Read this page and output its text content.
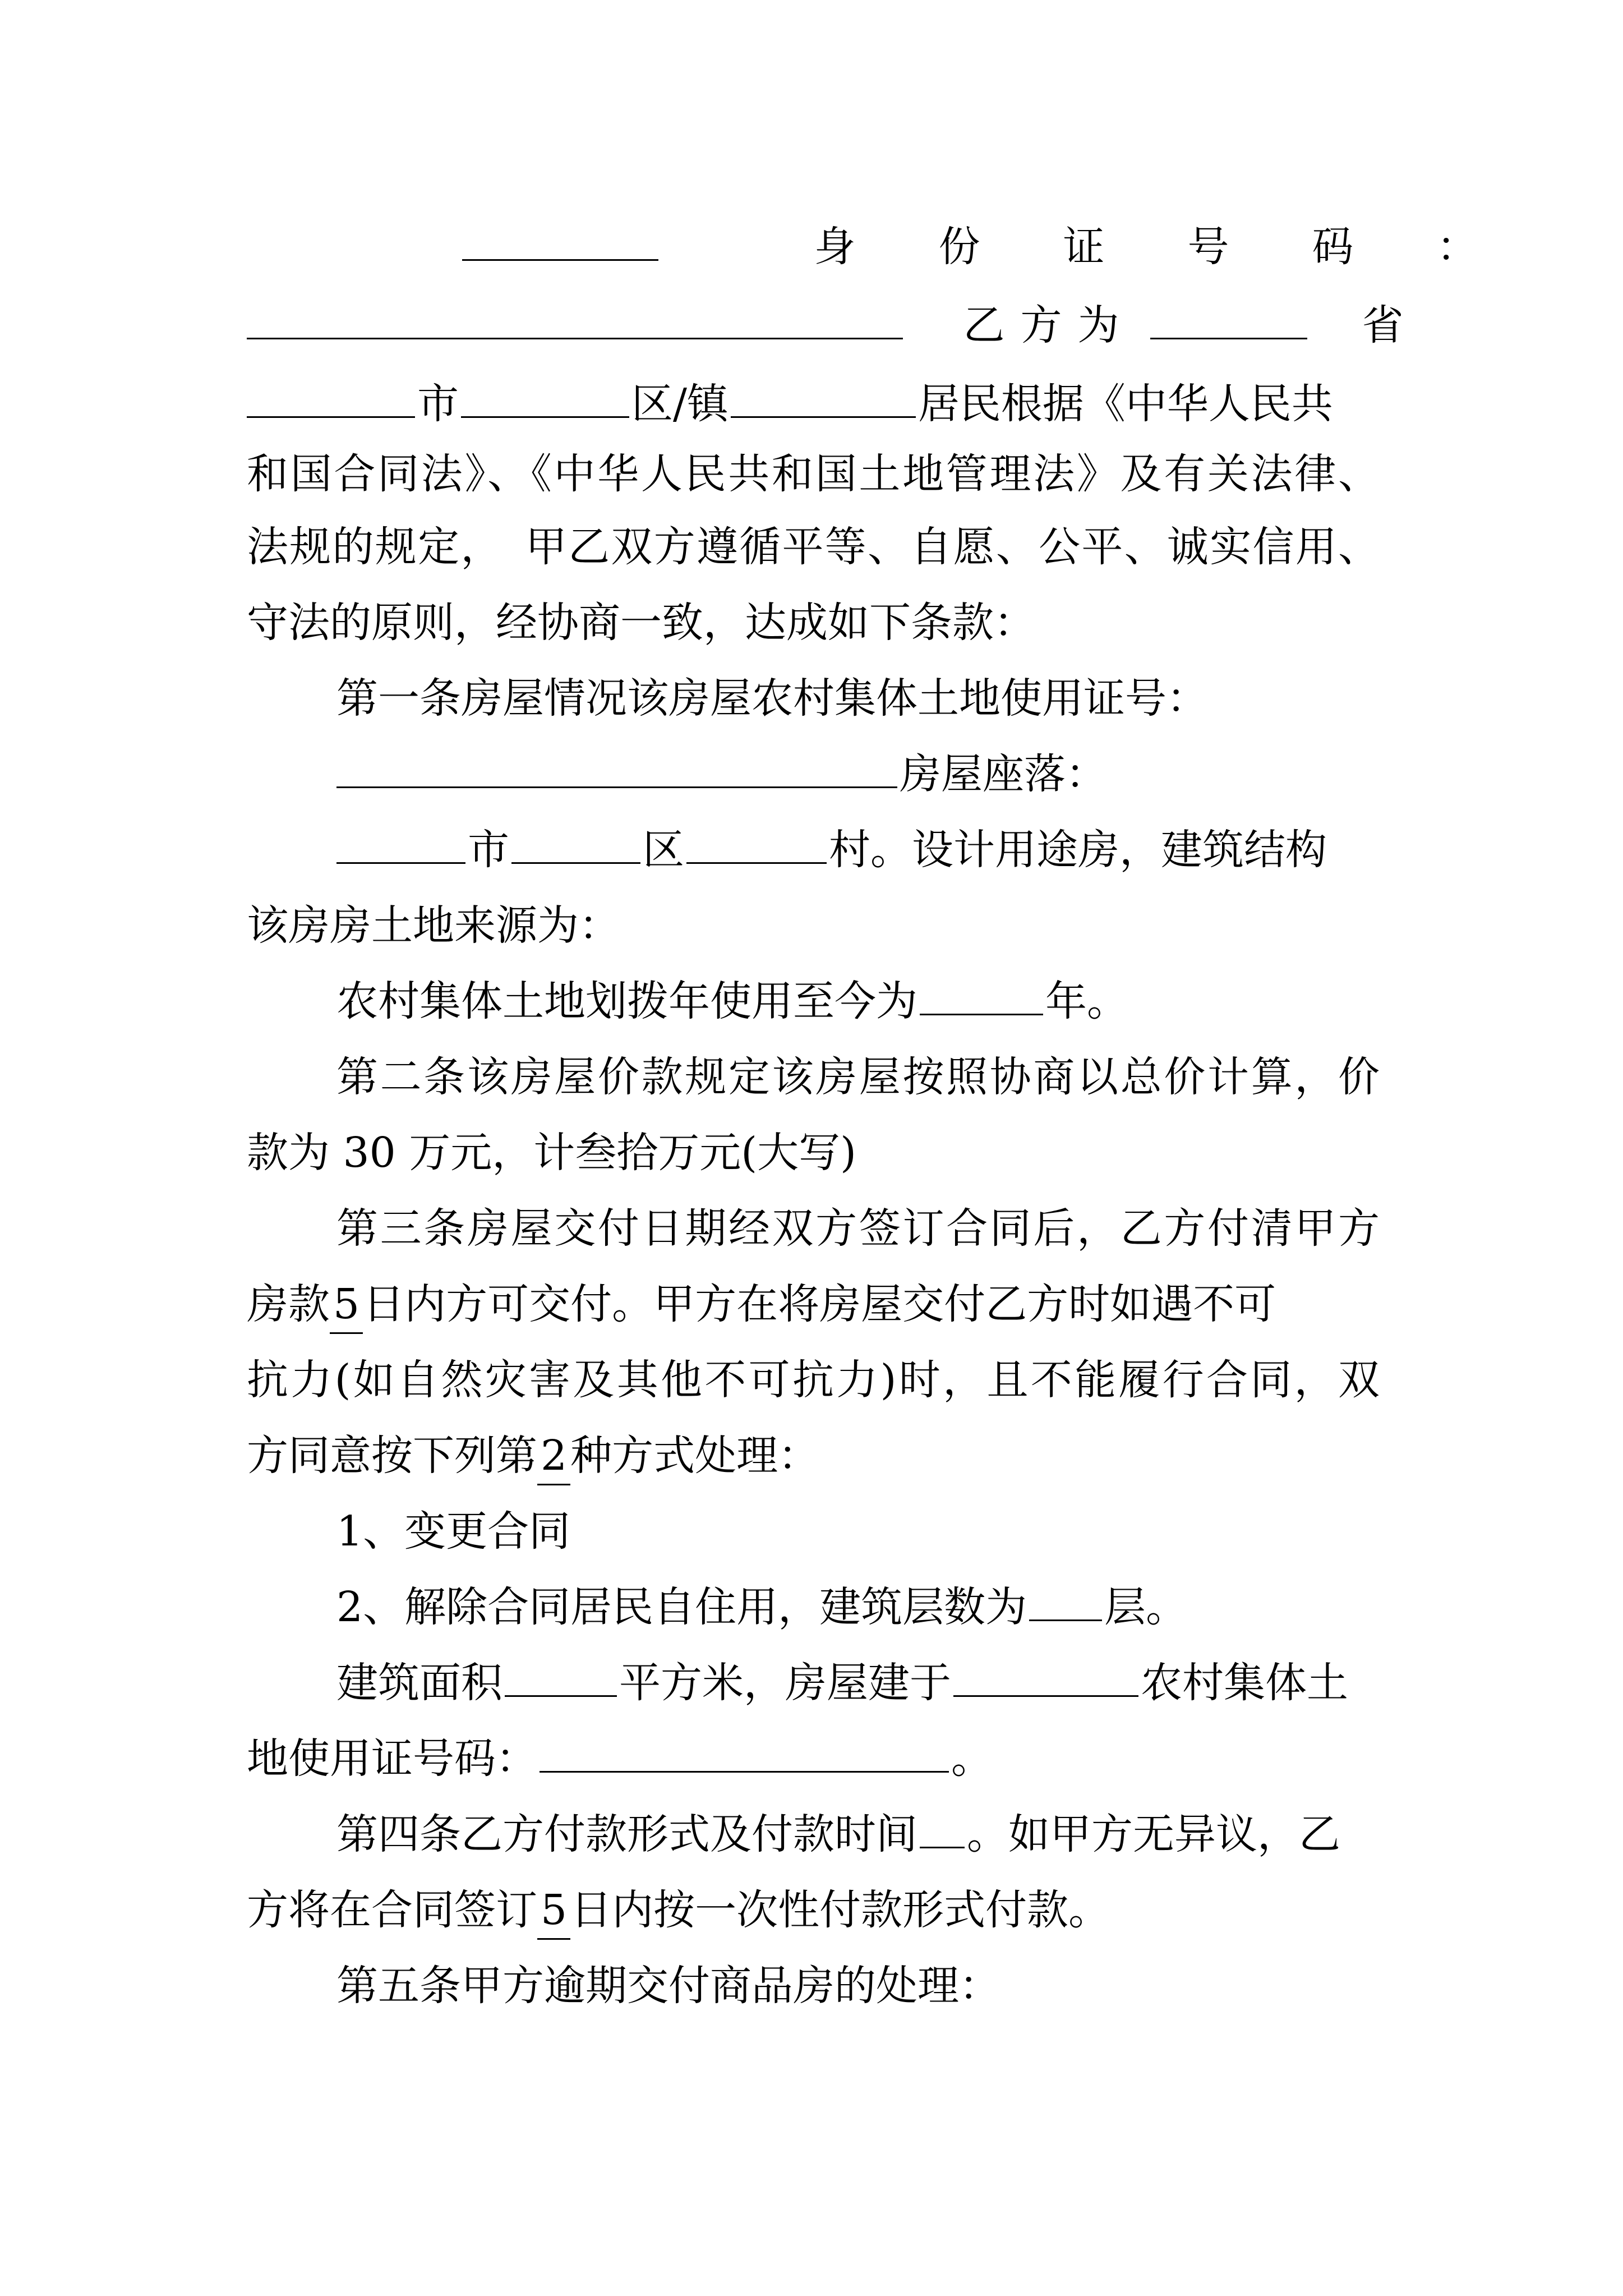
身　　份　　证　　号　　码　　：
乙方为	省
市	区/镇	居民根据《中华人民共
和国合同法》、《中华人民共和国土地管理法》及有关法律、
法规的规定，　甲乙双方遵循平等、自愿、公平、诚实信用、
守法的原则，经协商一致，达成如下条款：
第一条房屋情况该房屋农村集体土地使用证号：
房屋座落：
市	区	村。设计用途房，建筑结构
该房房土地来源为：
农村集体土地划拨年使用至今为	年。
第二条该房屋价款规定该房屋按照协商以总价计算，价
款为 30 万元，计叁拾万元(大写)
第三条房屋交付日期经双方签订合同后，乙方付清甲方
房款5日内方可交付。甲方在将房屋交付乙方时如遇不可
抗力(如自然灾害及其他不可抗力)时，且不能履行合同，双
方同意按下列第2种方式处理：
1、变更合同
2、解除合同居民自住用，建筑层数为 层。
建筑面积	平方米，房屋建于	农村集体土
地使用证号码：	。
第四条乙方付款形式及付款时间 。如甲方无异议，乙
方将在合同签订5日内按一次性付款形式付款。
第五条甲方逾期交付商品房的处理：
